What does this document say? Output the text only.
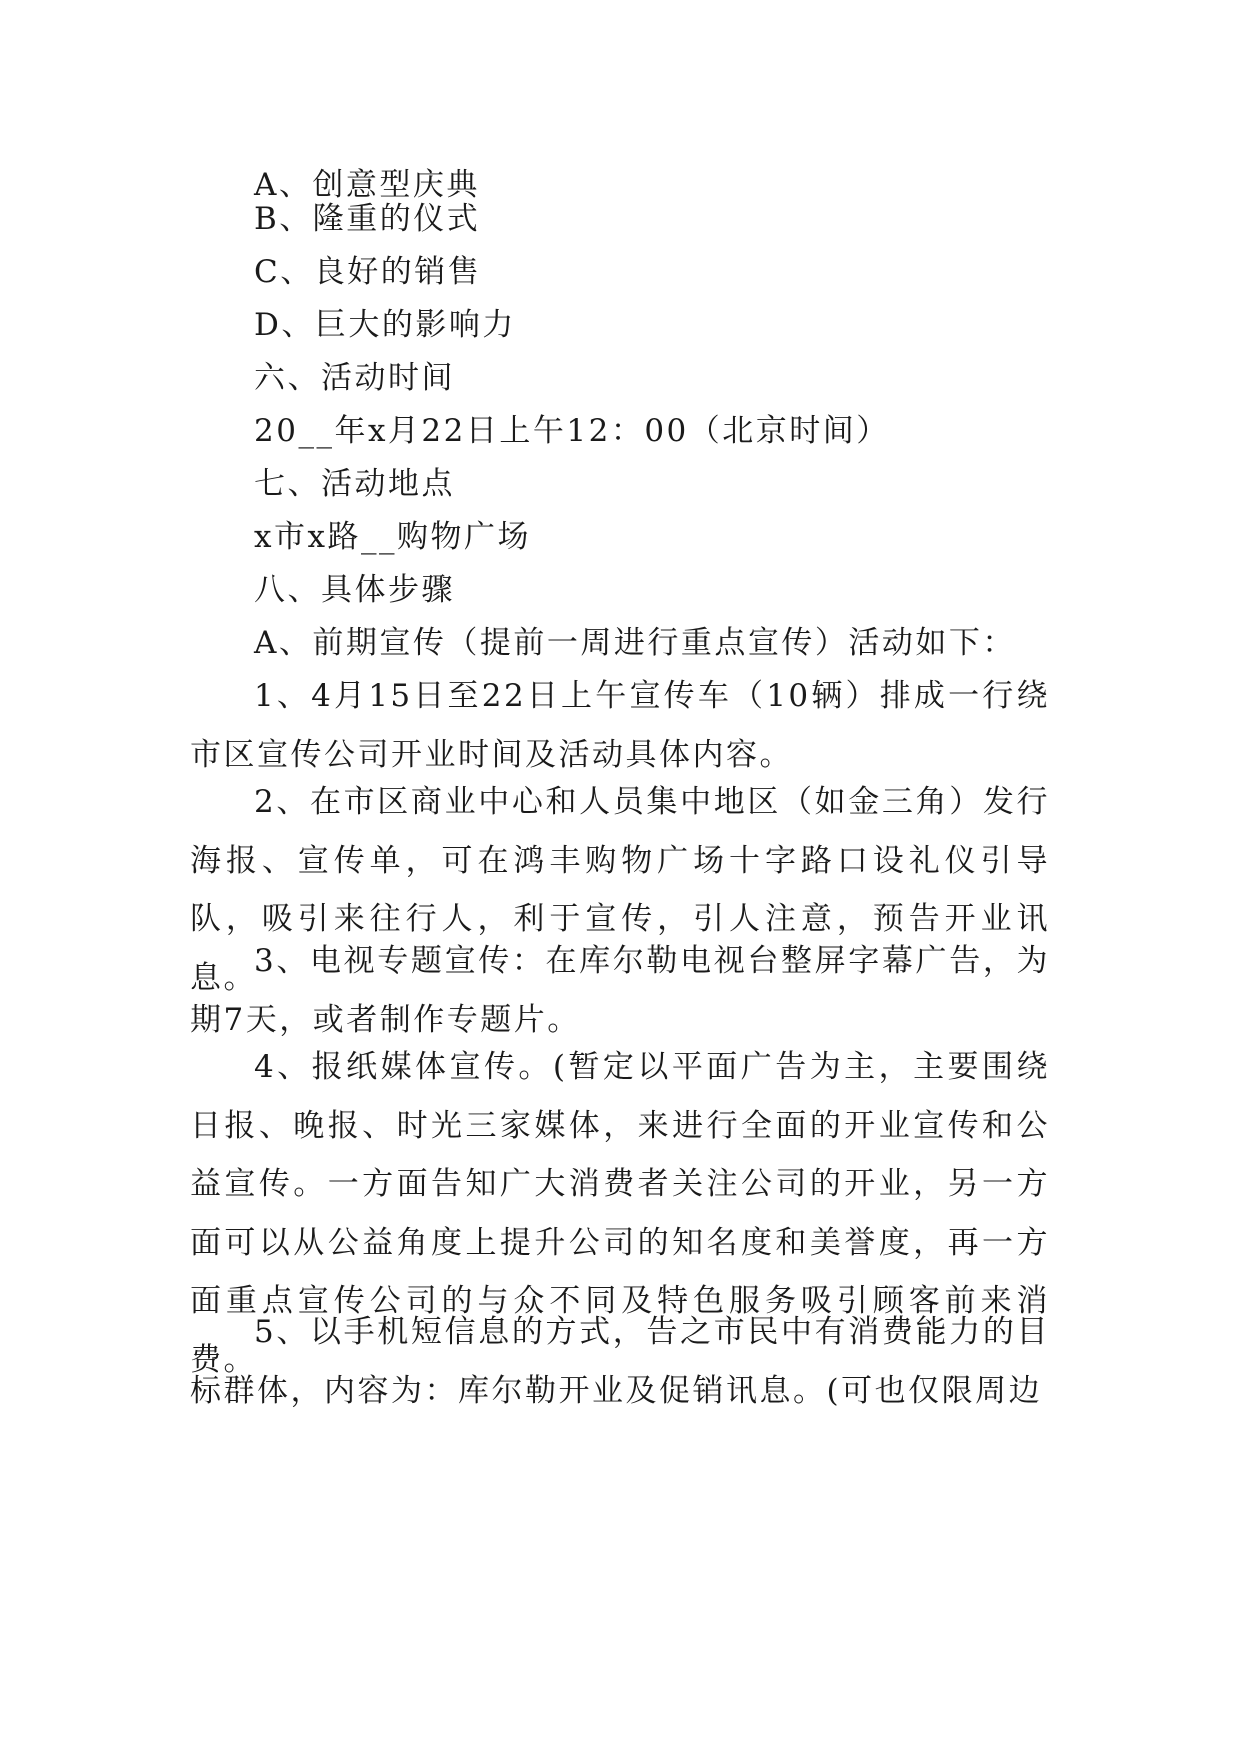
A、创意型庆典

B、隆重的仪式

C、良好的销售

D、巨大的影响力

六、活动时间

20__年x月22日上午12：00（北京时间）

七、活动地点

x市x路__购物广场

八、具体步骤

A、前期宣传（提前一周进行重点宣传）活动如下：

1、4月15日至22日上午宣传车（10辆）排成一行绕市区宣传公司开业时间及活动具体内容。

2、在市区商业中心和人员集中地区（如金三角）发行海报、宣传单，可在鸿丰购物广场十字路口设礼仪引导队，吸引来往行人，利于宣传，引人注意，预告开业讯息。

3、电视专题宣传：在库尔勒电视台整屏字幕广告，为期7天，或者制作专题片。

4、报纸媒体宣传。(暂定以平面广告为主，主要围绕日报、晚报、时光三家媒体，来进行全面的开业宣传和公益宣传。一方面告知广大消费者关注公司的开业，另一方面可以从公益角度上提升公司的知名度和美誉度，再一方面重点宣传公司的与众不同及特色服务吸引顾客前来消费。

5、以手机短信息的方式，告之市民中有消费能力的目标群体，内容为：库尔勒开业及促销讯息。(可也仅限周边
